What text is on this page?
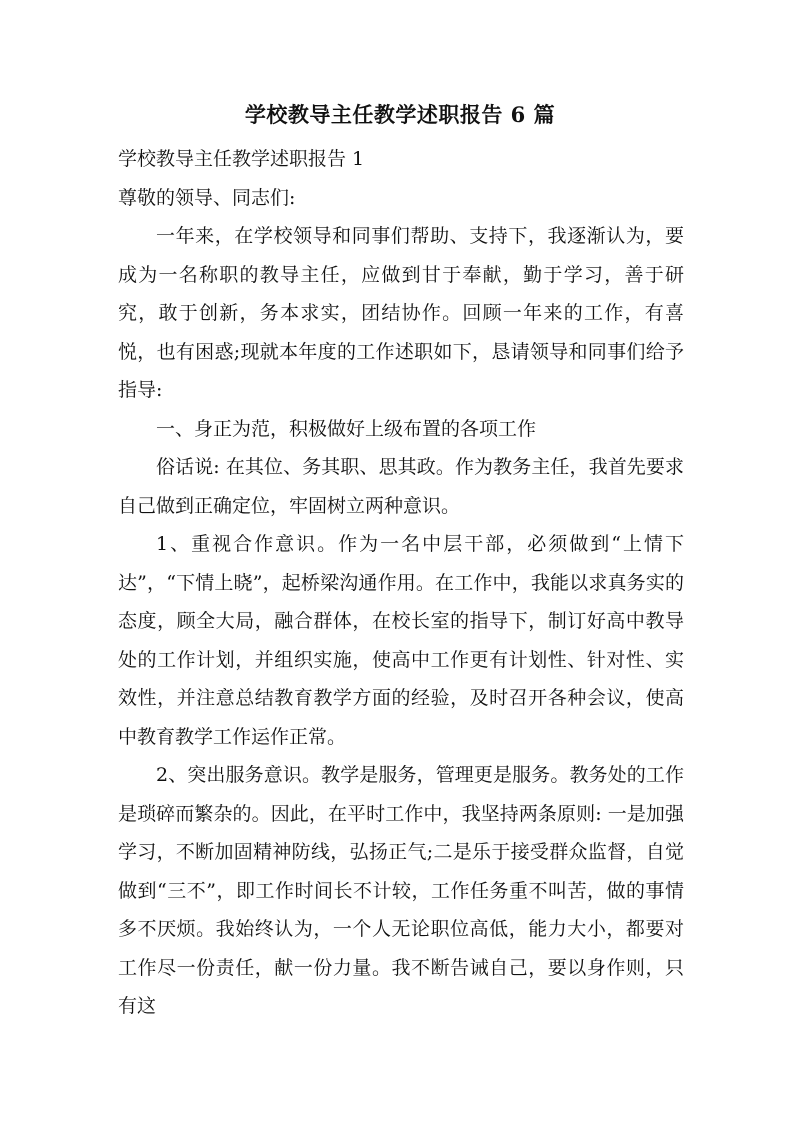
学校教导主任教学述职报告 6 篇

学校教导主任教学述职报告 1

尊敬的领导、同志们:

一年来，在学校领导和同事们帮助、支持下，我逐渐认为，要成为一名称职的教导主任，应做到甘于奉献，勤于学习，善于研究，敢于创新，务本求实，团结协作。回顾一年来的工作，有喜悦，也有困惑;现就本年度的工作述职如下，恳请领导和同事们给予指导:

一、身正为范，积极做好上级布置的各项工作

俗话说: 在其位、务其职、思其政。作为教务主任，我首先要求自己做到正确定位，牢固树立两种意识。

1、重视合作意识。作为一名中层干部，必须做到“上情下达”，“下情上晓”，起桥梁沟通作用。在工作中，我能以求真务实的态度，顾全大局，融合群体，在校长室的指导下，制订好高中教导处的工作计划，并组织实施，使高中工作更有计划性、针对性、实效性，并注意总结教育教学方面的经验，及时召开各种会议，使高中教育教学工作运作正常。

2、突出服务意识。教学是服务，管理更是服务。教务处的工作是琐碎而繁杂的。因此，在平时工作中，我坚持两条原则: 一是加强学习，不断加固精神防线，弘扬正气;二是乐于接受群众监督，自觉做到“三不”，即工作时间长不计较，工作任务重不叫苦，做的事情多不厌烦。我始终认为，一个人无论职位高低，能力大小，都要对工作尽一份责任，献一份力量。我不断告诫自己，要以身作则，只有这
